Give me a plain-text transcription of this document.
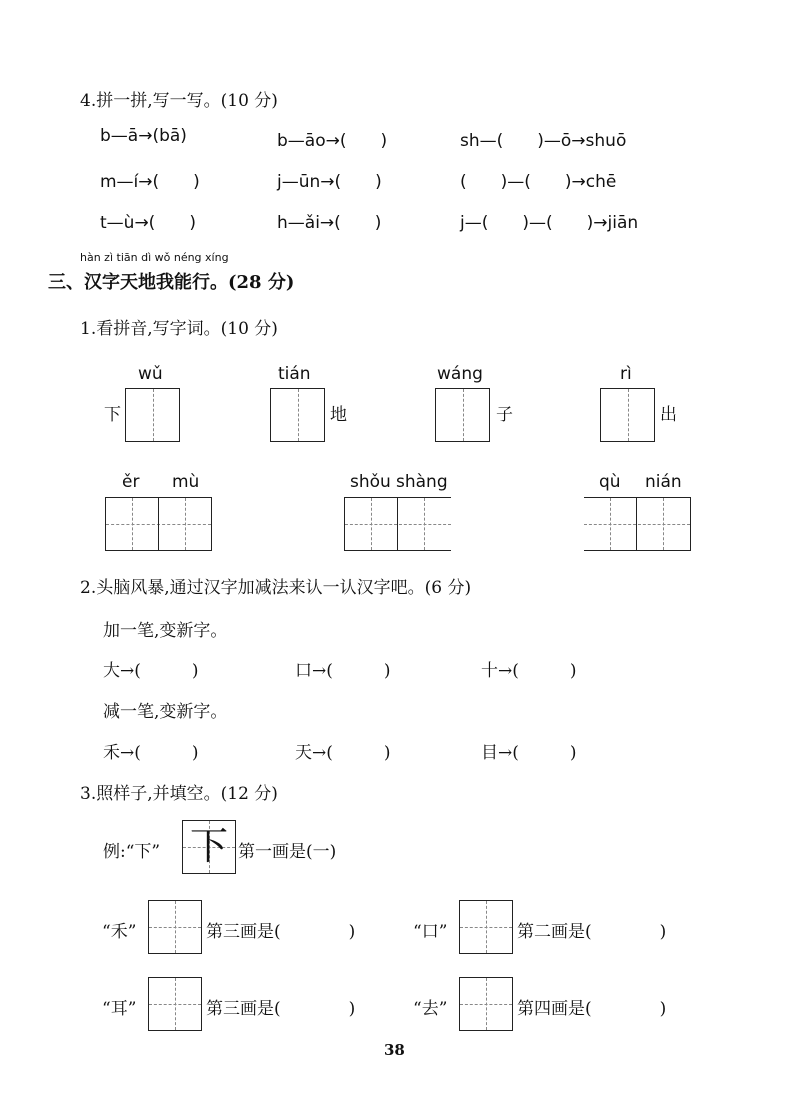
4.拼一拼,写一写。(10 分)
b—ā→(bā)	b—āo→(　　)	sh—(　　)—ō→shuō
m—í→(　　)	j—ūn→(　　)	(　　)—(　　)→chē
t—ù→(　　)	h—ǎi→(　　)	j—(　　)—(　　)→jiān
hàn zì tiān dì wǒ néng xíng
三、汉字天地我能行。(28 分)
1.看拼音,写字词。(10 分)
wǔ	tián	wáng	rì
下	地	子	出
ěr mù	shǒu shàng	qù nián
2.头脑风暴,通过汉字加减法来认一认汉字吧。(6 分)
加一笔,变新字。
大→(　　　)	口→(　　　)	十→(　　　)
减一笔,变新字。
禾→(　　　)	天→(　　　)	目→(　　　)
3.照样子,并填空。(12 分)
例:“下” 下 第一画是(一)
“禾”	第三画是(　　　　)	“口”	第二画是(　　　　)
“耳”	第三画是(　　　　)	“去”	第四画是(　　　　)
38
